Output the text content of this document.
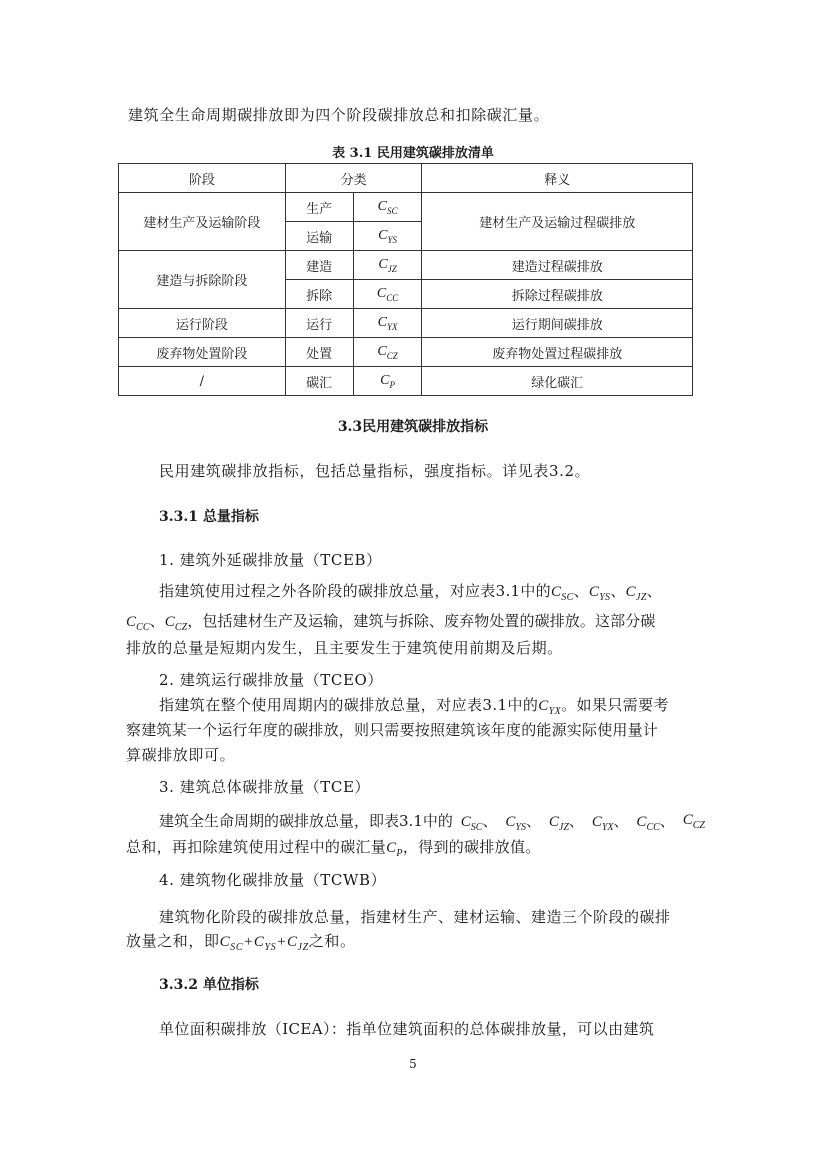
建筑全生命周期碳排放即为四个阶段碳排放总和扣除碳汇量。
表 3.1 民用建筑碳排放清单
阶段	分类		释义
建材生产及运输阶段	生产	$C_{SC}$	建材生产及运输过程碳排放
	运输	$C_{YS}$
建造与拆除阶段	建造	$C_{JZ}$	建造过程碳排放
	拆除	$C_{CC}$	拆除过程碳排放
运行阶段	运行	$C_{YX}$	运行期间碳排放
废弃物处置阶段	处置	$C_{CZ}$	废弃物处置过程碳排放
/	碳汇	$C_P$	绿化碳汇
3.3民用建筑碳排放指标
民用建筑碳排放指标，包括总量指标，强度指标。详见表3.2。
3.3.1 总量指标
1. 建筑外延碳排放量（TCEB）
指建筑使用过程之外各阶段的碳排放总量，对应表3.1中的$C_{SC}$、$C_{YS}$、$C_{JZ}$、
$C_{CC}$、$C_{CZ}$，包括建材生产及运输，建筑与拆除、废弃物处置的碳排放。这部分碳
排放的总量是短期内发生，且主要发生于建筑使用前期及后期。
2. 建筑运行碳排放量（TCEO）
指建筑在整个使用周期内的碳排放总量，对应表3.1中的$C_{YX}$。如果只需要考
察建筑某一个运行年度的碳排放，则只需要按照建筑该年度的能源实际使用量计
算碳排放即可。
3. 建筑总体碳排放量（TCE）
建筑全生命周期的碳排放总量，即表3.1中的 $C_{SC}$、 $C_{YS}$、 $C_{JZ}$、 $C_{YX}$、 $C_{CC}$、 $C_{CZ}$
总和，再扣除建筑使用过程中的碳汇量$C_P$，得到的碳排放值。
4. 建筑物化碳排放量（TCWB）
建筑物化阶段的碳排放总量，指建材生产、建材运输、建造三个阶段的碳排
放量之和，即$C_{SC}+C_{YS}+C_{JZ}$之和。
3.3.2 单位指标
单位面积碳排放（ICEA）：指单位建筑面积的总体碳排放量，可以由建筑
5
